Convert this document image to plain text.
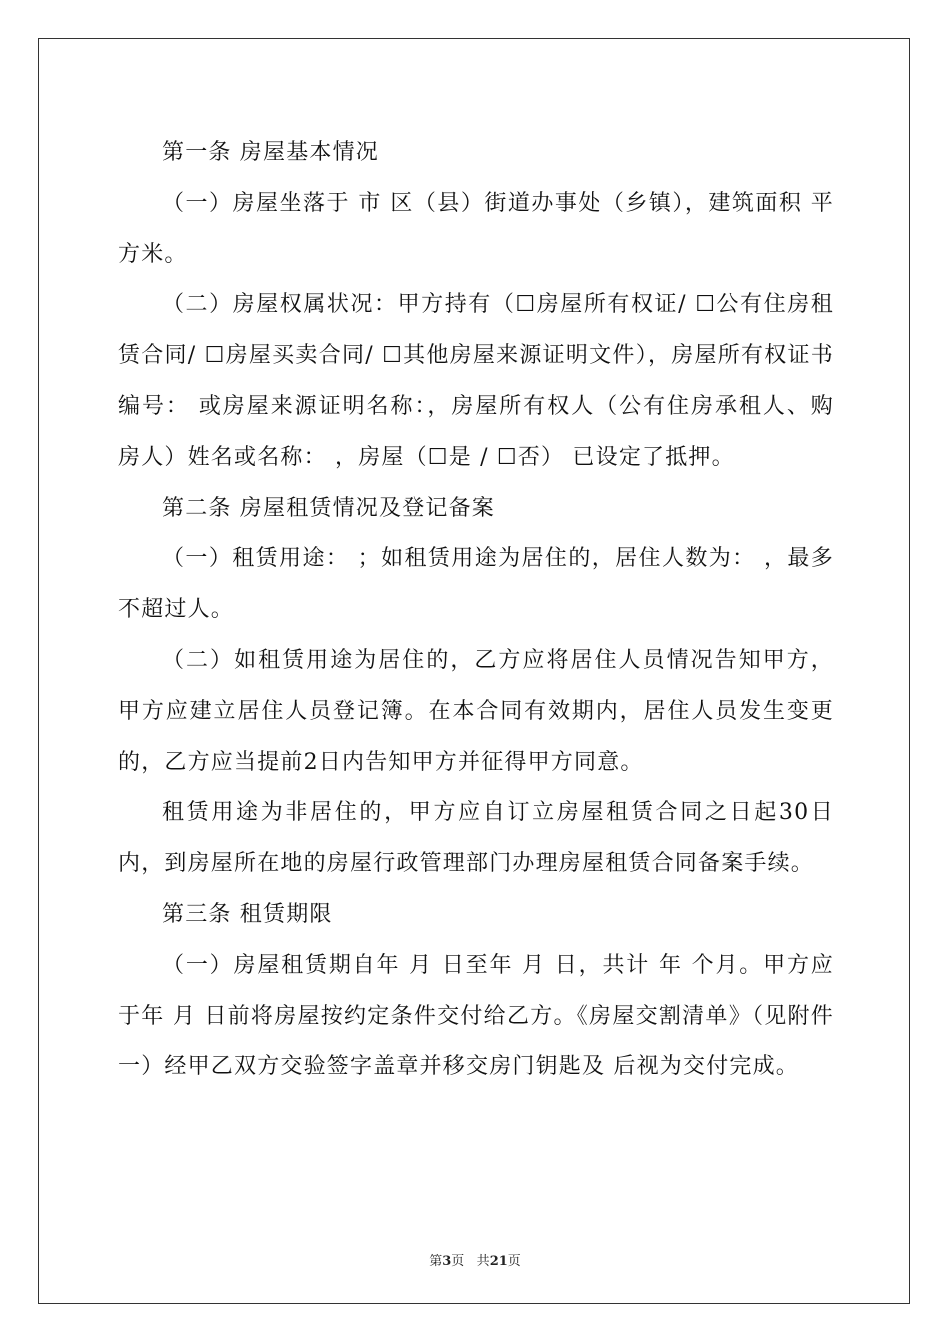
第一条 房屋基本情况

（一）房屋坐落于 市 区（县）街道办事处（乡镇），建筑面积 平方米。

（二）房屋权属状况：甲方持有（☐房屋所有权证/ ☐公有住房租赁合同/ ☐房屋买卖合同/ ☐其他房屋来源证明文件），房屋所有权证书编号： 或房屋来源证明名称：，房屋所有权人（公有住房承租人、购房人）姓名或名称： ，房屋（☐是 / ☐否） 已设定了抵押。

第二条 房屋租赁情况及登记备案

（一）租赁用途： ；如租赁用途为居住的，居住人数为： ，最多不超过人。

（二）如租赁用途为居住的，乙方应将居住人员情况告知甲方，甲方应建立居住人员登记簿。在本合同有效期内，居住人员发生变更的，乙方应当提前2日内告知甲方并征得甲方同意。

租赁用途为非居住的，甲方应自订立房屋租赁合同之日起30日内，到房屋所在地的房屋行政管理部门办理房屋租赁合同备案手续。

第三条 租赁期限

（一）房屋租赁期自年 月 日至年 月 日，共计 年 个月。甲方应于年 月 日前将房屋按约定条件交付给乙方。《房屋交割清单》（见附件一）经甲乙双方交验签字盖章并移交房门钥匙及 后视为交付完成。

第3页 共21页
